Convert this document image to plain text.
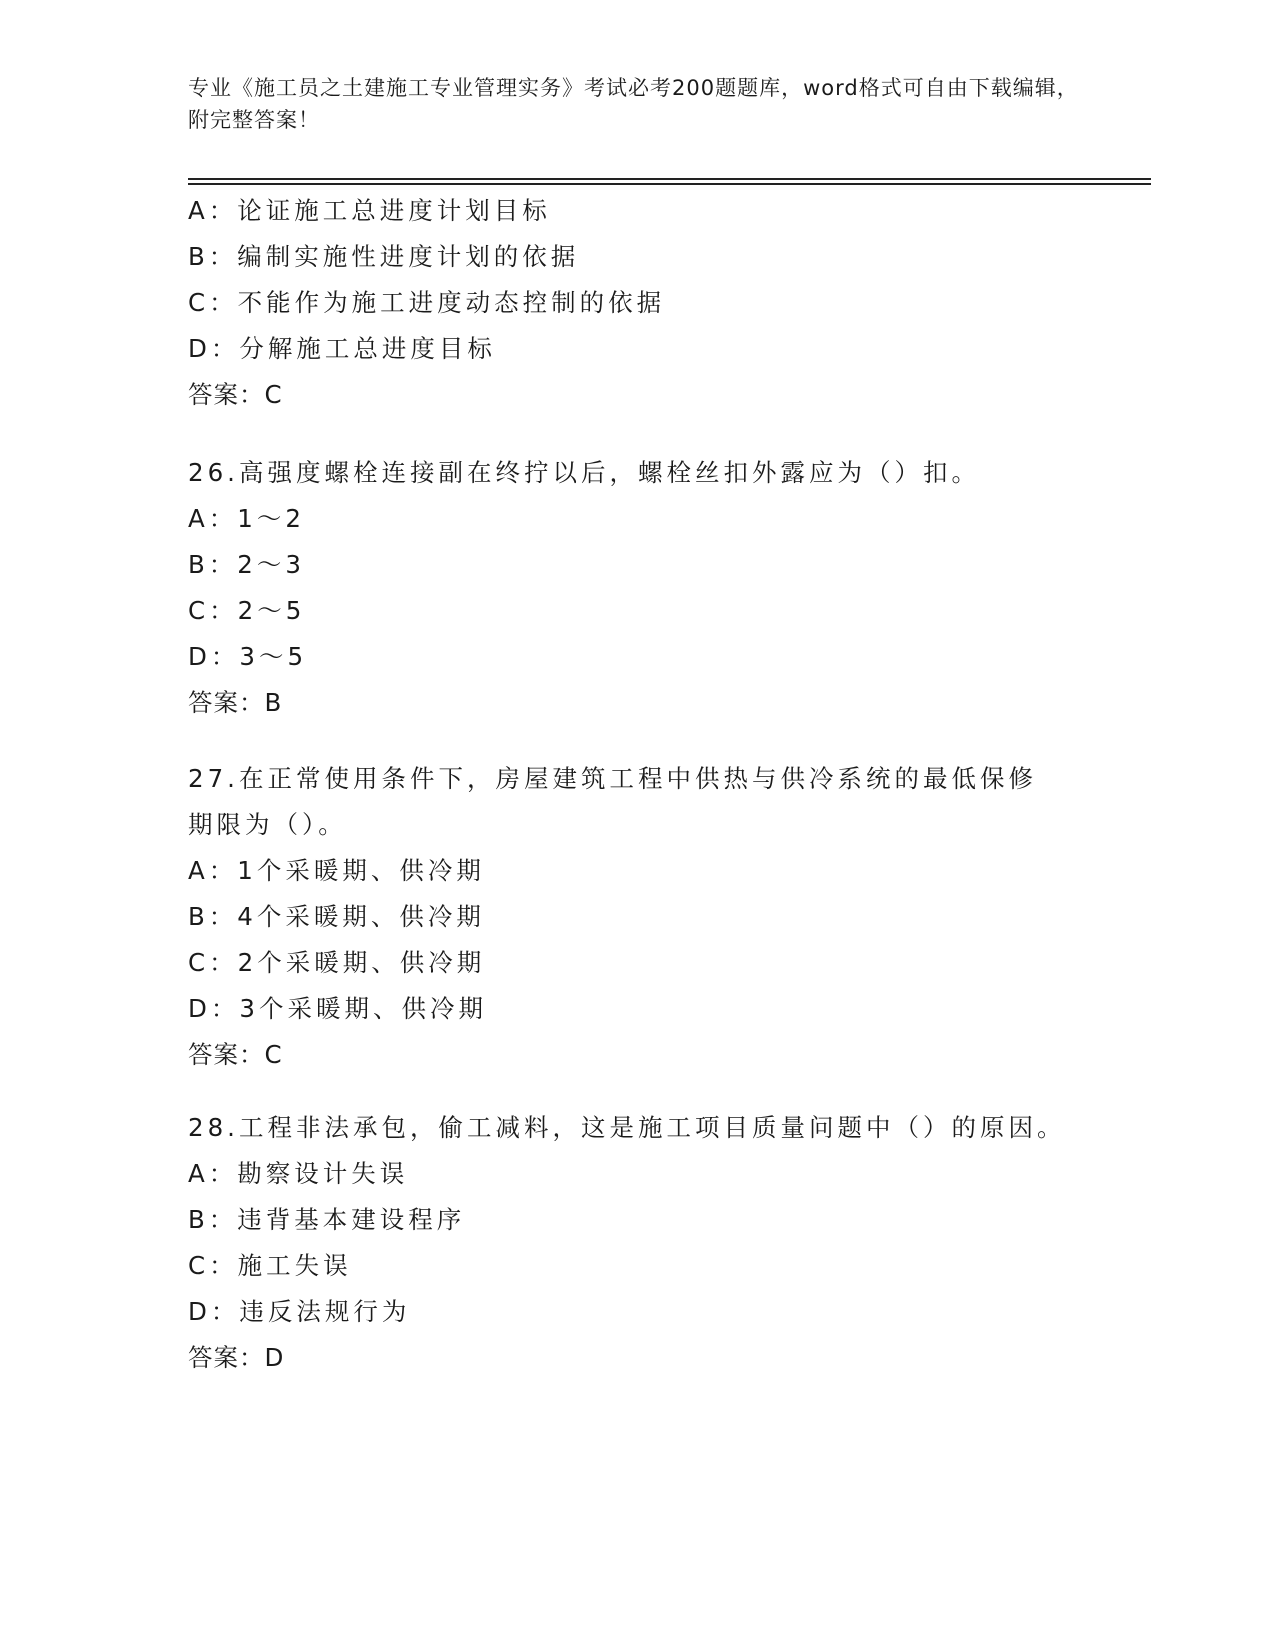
专业《施工员之土建施工专业管理实务》考试必考200题题库，word格式可自由下载编辑，附完整答案！
A：论证施工总进度计划目标
B：编制实施性进度计划的依据
C：不能作为施工进度动态控制的依据
D：分解施工总进度目标
答案：C
26.高强度螺栓连接副在终拧以后，螺栓丝扣外露应为（）扣。
A：1～2
B：2～3
C：2～5
D：3～5
答案：B
27.在正常使用条件下，房屋建筑工程中供热与供冷系统的最低保修期限为（）。
A：1个采暖期、供冷期
B：4个采暖期、供冷期
C：2个采暖期、供冷期
D：3个采暖期、供冷期
答案：C
28.工程非法承包，偷工减料，这是施工项目质量问题中（）的原因。
A：勘察设计失误
B：违背基本建设程序
C：施工失误
D：违反法规行为
答案：D
